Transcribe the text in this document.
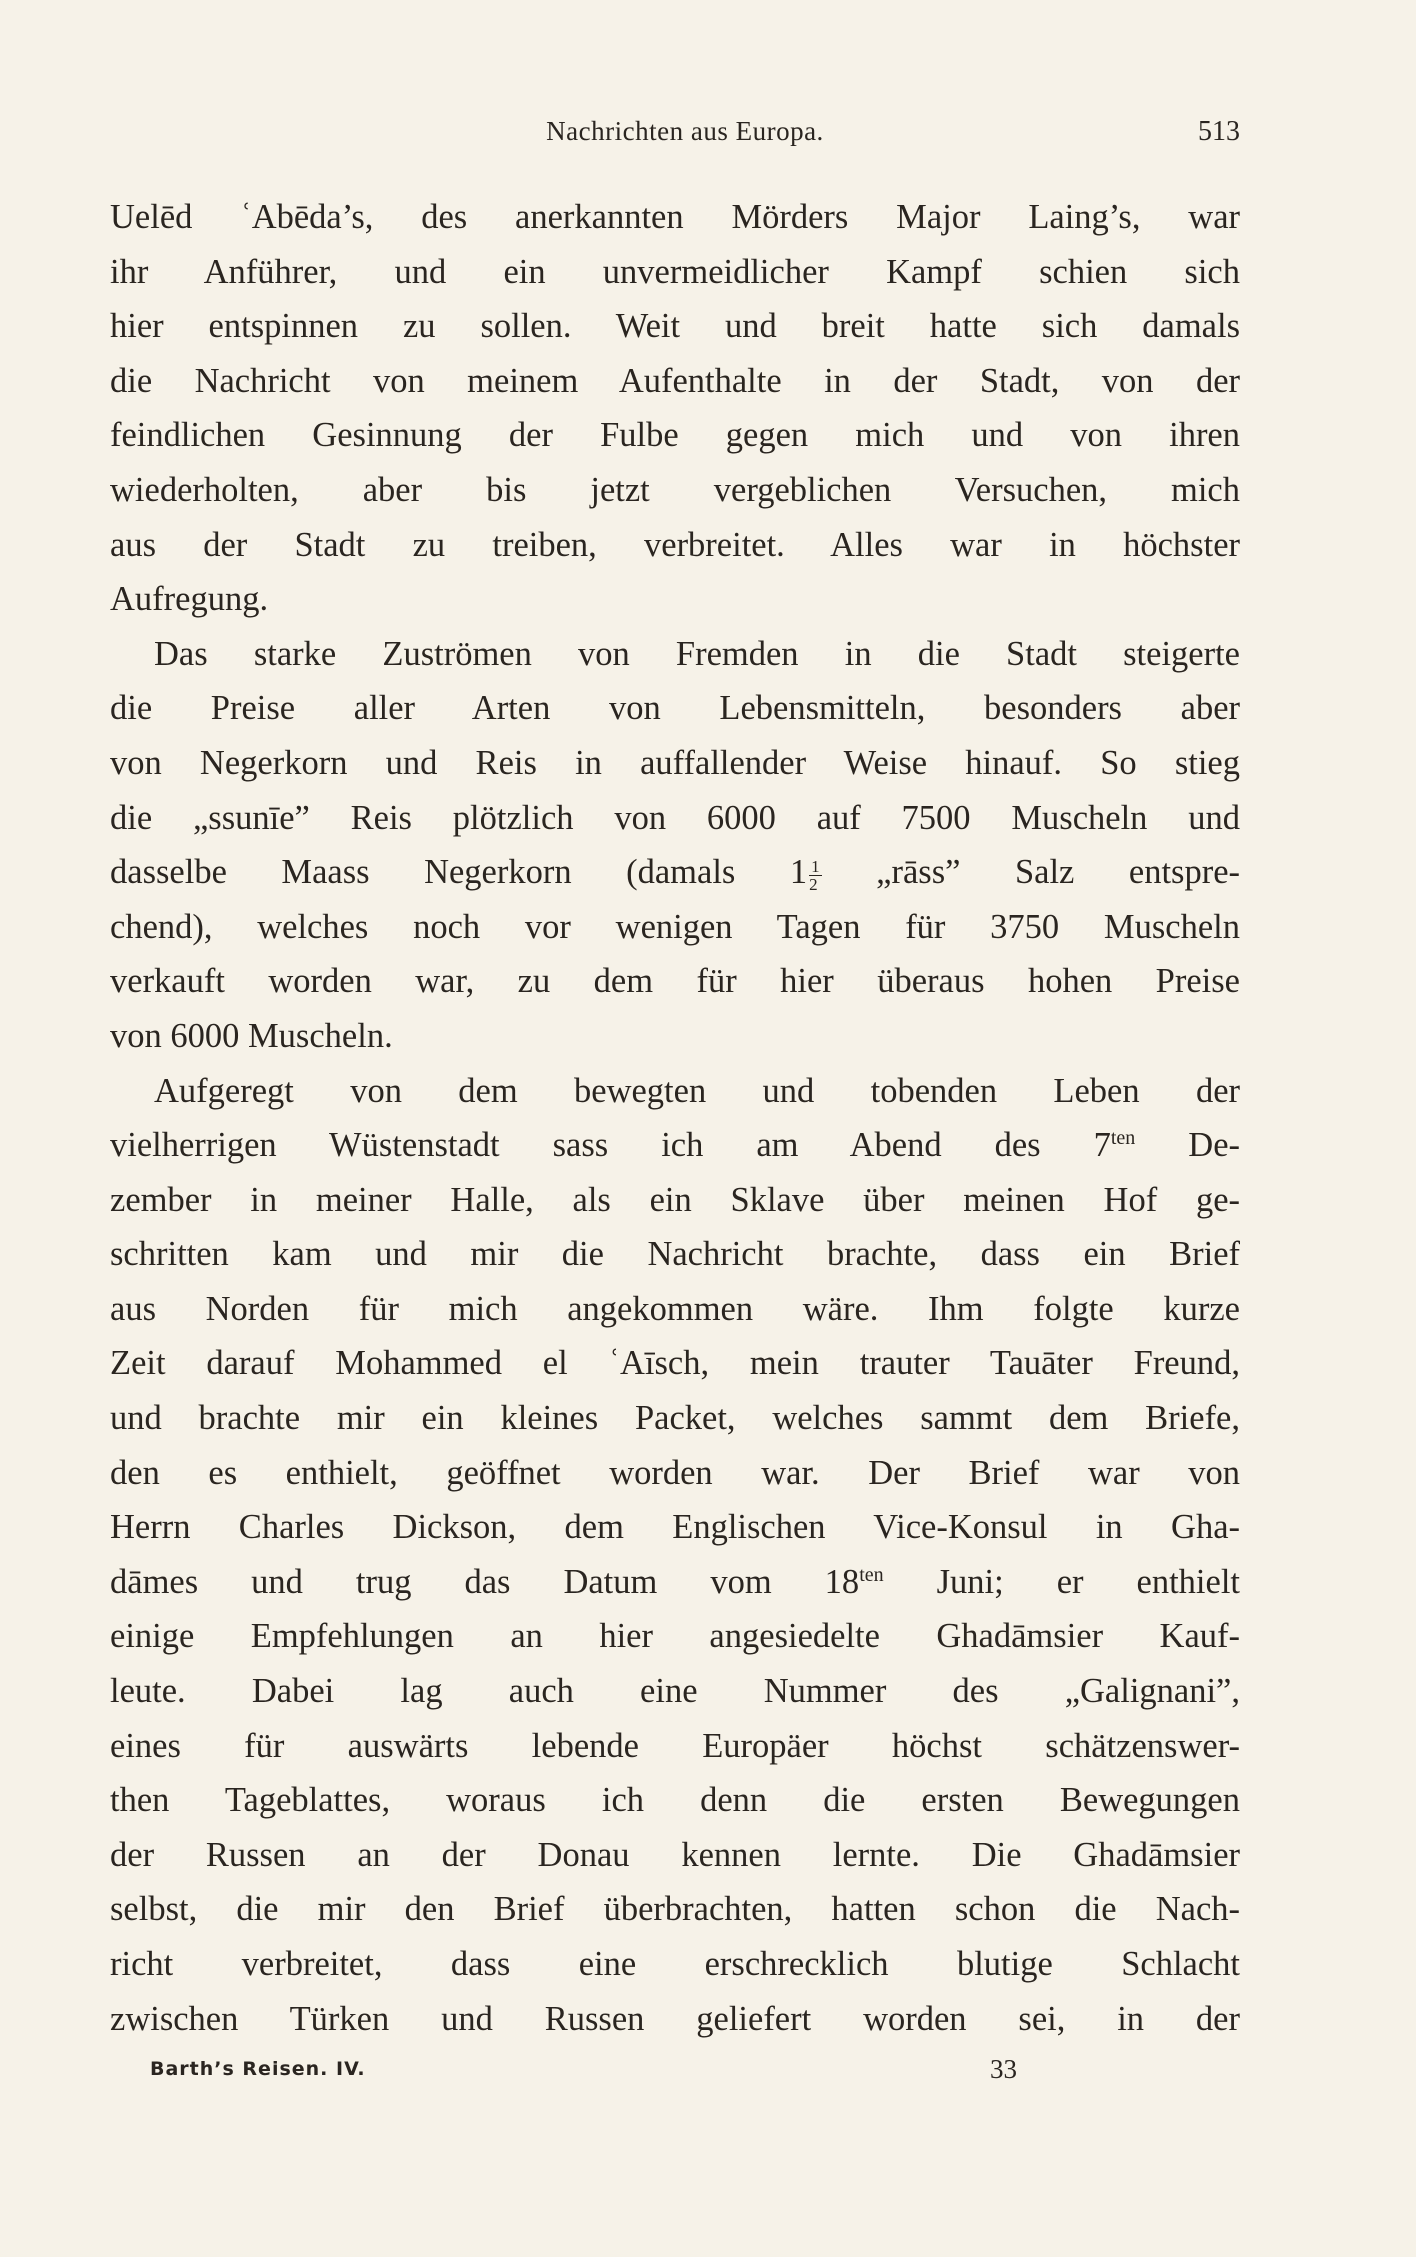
Nachrichten aus Europa.	513
Uelēd ʿAbēda’s, des anerkannten Mörders Major Laing’s, war
ihr Anführer, und ein unvermeidlicher Kampf schien sich
hier entspinnen zu sollen. Weit und breit hatte sich damals
die Nachricht von meinem Aufenthalte in der Stadt, von der
feindlichen Gesinnung der Fulbe gegen mich und von ihren
wiederholten, aber bis jetzt vergeblichen Versuchen, mich
aus der Stadt zu treiben, verbreitet. Alles war in höchster
Aufregung.
Das starke Zuströmen von Fremden in die Stadt steigerte
die Preise aller Arten von Lebensmitteln, besonders aber
von Negerkorn und Reis in auffallender Weise hinauf. So stieg
die „ssunīe” Reis plötzlich von 6000 auf 7500 Muscheln und
dasselbe Maass Negerkorn (damals $1 \frac{1}{2}$ „rāss” Salz entspre-
chend), welches noch vor wenigen Tagen für 3750 Muscheln
verkauft worden war, zu dem für hier überaus hohen Preise
von 6000 Muscheln.
Aufgeregt von dem bewegten und tobenden Leben der
vielherrigen Wüstenstadt sass ich am Abend des $7^{ten}$ De-
zember in meiner Halle, als ein Sklave über meinen Hof ge-
schritten kam und mir die Nachricht brachte, dass ein Brief
aus Norden für mich angekommen wäre. Ihm folgte kurze
Zeit darauf Mohammed el ʿAīsch, mein trauter Tauāter Freund,
und brachte mir ein kleines Packet, welches sammt dem Briefe,
den es enthielt, geöffnet worden war. Der Brief war von
Herrn Charles Dickson, dem Englischen Vice-Konsul in Gha-
dāmes und trug das Datum vom $18^{ten}$ Juni; er enthielt
einige Empfehlungen an hier angesiedelte Ghadāmsier Kauf-
leute. Dabei lag auch eine Nummer des „Galignani”,
eines für auswärts lebende Europäer höchst schätzenswer-
then Tageblattes, woraus ich denn die ersten Bewegungen
der Russen an der Donau kennen lernte. Die Ghadāmsier
selbst, die mir den Brief überbrachten, hatten schon die Nach-
richt verbreitet, dass eine erschrecklich blutige Schlacht
zwischen Türken und Russen geliefert worden sei, in der
Barth’s Reisen. IV.	33
